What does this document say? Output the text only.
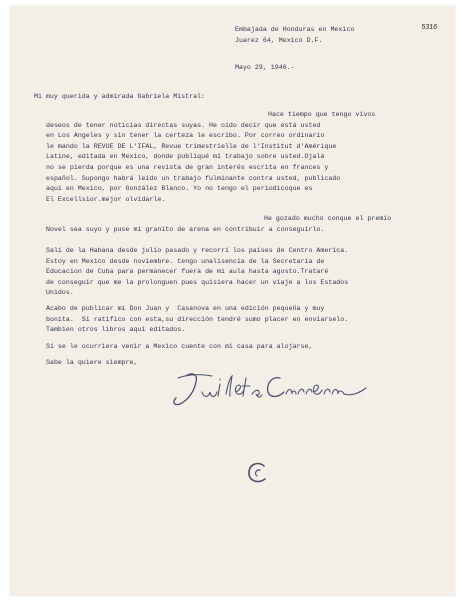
5316

Embajada de Honduras en Mexico

Juarez 64, Mexico D.F.

Mayo 29, 1946.-

Mi muy querida y admirada Gabriela Mistral:

Hace tiempo que tengo vivos

deseos de tener noticias directas suyas. He oido decir que está usted

en Los Angeles y sin tener la certeza le escribo. Por correo ordinario

le mando la REVUE DE L'IFAL, Revue trimestrielle de l'Institut d'Amérique

Latine, editada en Mexico, donde publiqué mi trabajo sobre usted.Ojalá

no se pierda porque es una revista de gran interés escrita en frances y

español. Supongo habrá leido un trabajo fulminante contra usted, publicado

aquí en Mexico, por González Blanco. Yo no tengo el periodicoque es

El Excellsior.mejor olvidarle.

He gozado mucho conque el premio

Novel sea suyo y puse mi granito de arena en contribuir a conseguirlo.

Salí de la Habana desde julio pasado y recorrí los paises de Centro America.

Estoy en Mexico desde noviembre. tengo unalisencia de la Secretaria de

Educacion de Cuba para permanecer fuera de mi aula hasta agosto.Trataré

de conseguir que me la prolonguen pues quisiera hacer un viaje a los Estados

Unidos.

Acabo de publicar mi Don Juan y  Casanova en una edición pequeña y muy

bonita.  Si ratifico con esta,su dirección tendré sumo placer en enviarselo.

Tambien otros libros aquí editados.

Si se le ocurriera venir a Mexico cuente con mi casa para alojarse,

Sabe la quiere siempre,
